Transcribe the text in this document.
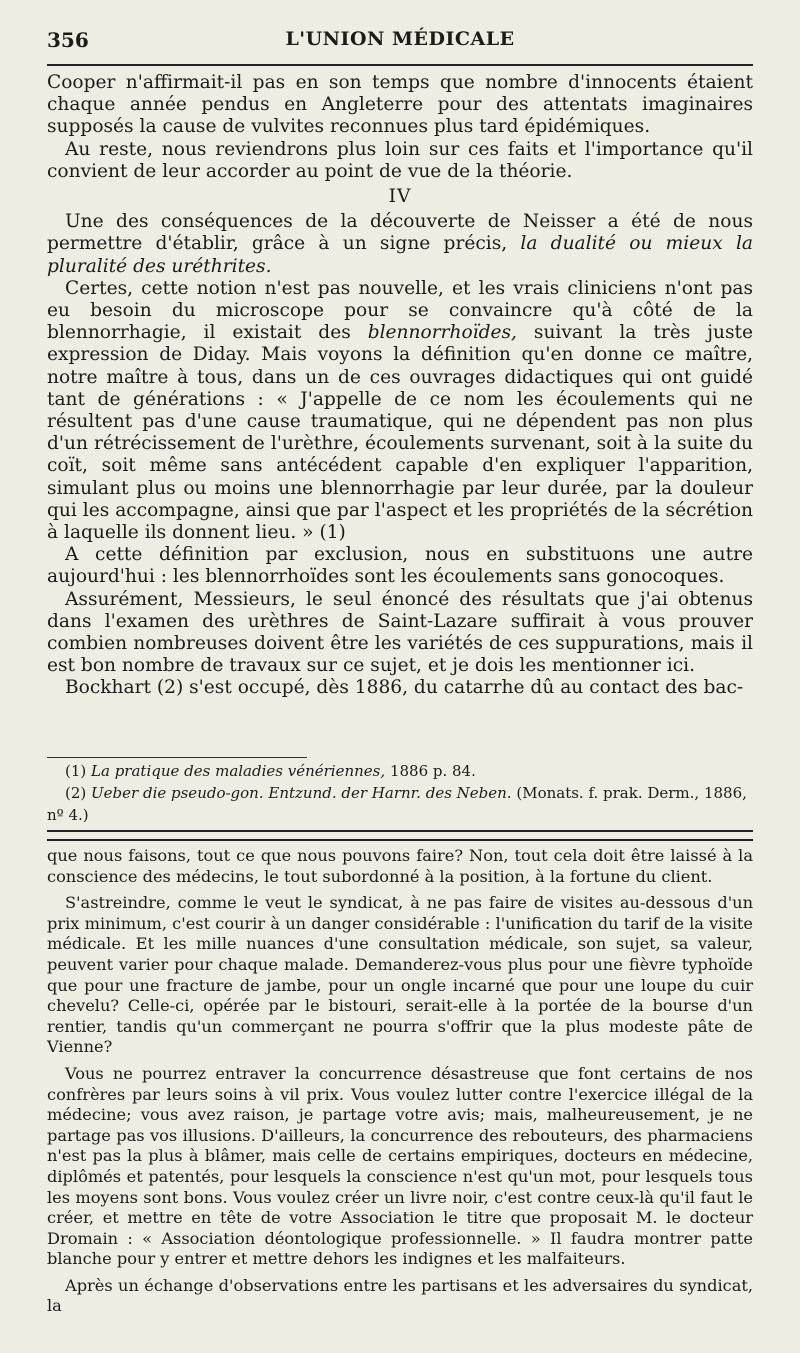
356	L'UNION MÉDICALE

Cooper n'affirmait-il pas en son temps que nombre d'innocents étaient chaque année pendus en Angleterre pour des attentats imaginaires supposés la cause de vulvites reconnues plus tard épidémiques.

Au reste, nous reviendrons plus loin sur ces faits et l'importance qu'il convient de leur accorder au point de vue de la théorie.

IV

Une des conséquences de la découverte de Neisser a été de nous permettre d'établir, grâce à un signe précis, la dualité ou mieux la pluralité des uréthrites.

Certes, cette notion n'est pas nouvelle, et les vrais cliniciens n'ont pas eu besoin du microscope pour se convaincre qu'à côté de la blennorrhagie, il existait des blennorrhoïdes, suivant la très juste expression de Diday. Mais voyons la définition qu'en donne ce maître, notre maître à tous, dans un de ces ouvrages didactiques qui ont guidé tant de générations : « J'appelle de ce nom les écoulements qui ne résultent pas d'une cause traumatique, qui ne dépendent pas non plus d'un rétrécissement de l'urèthre, écoulements survenant, soit à la suite du coït, soit même sans antécédent capable d'en expliquer l'apparition, simulant plus ou moins une blennorrhagie par leur durée, par la douleur qui les accompagne, ainsi que par l'aspect et les propriétés de la sécrétion à laquelle ils donnent lieu. » (1)

A cette définition par exclusion, nous en substituons une autre aujourd'hui : les blennorrhoïdes sont les écoulements sans gonocoques.

Assurément, Messieurs, le seul énoncé des résultats que j'ai obtenus dans l'examen des urèthres de Saint-Lazare suffirait à vous prouver combien nombreuses doivent être les variétés de ces suppurations, mais il est bon nombre de travaux sur ce sujet, et je dois les mentionner ici.

Bockhart (2) s'est occupé, dès 1886, du catarrhe dû au contact des bac-

(1) La pratique des maladies vénériennes, 1886 p. 84.

(2) Ueber die pseudo-gon. Entzund. der Harnr. des Neben. (Monats. f. prak. Derm., 1886, nº 4.)

que nous faisons, tout ce que nous pouvons faire? Non, tout cela doit être laissé à la conscience des médecins, le tout subordonné à la position, à la fortune du client.

S'astreindre, comme le veut le syndicat, à ne pas faire de visites au-dessous d'un prix minimum, c'est courir à un danger considérable : l'unification du tarif de la visite médicale. Et les mille nuances d'une consultation médicale, son sujet, sa valeur, peuvent varier pour chaque malade. Demanderez-vous plus pour une fièvre typhoïde que pour une fracture de jambe, pour un ongle incarné que pour une loupe du cuir chevelu? Celle-ci, opérée par le bistouri, serait-elle à la portée de la bourse d'un rentier, tandis qu'un commerçant ne pourra s'offrir que la plus modeste pâte de Vienne?

Vous ne pourrez entraver la concurrence désastreuse que font certains de nos confrères par leurs soins à vil prix. Vous voulez lutter contre l'exercice illégal de la médecine; vous avez raison, je partage votre avis; mais, malheureusement, je ne partage pas vos illusions. D'ailleurs, la concurrence des rebouteurs, des pharmaciens n'est pas la plus à blâmer, mais celle de certains empiriques, docteurs en médecine, diplômés et patentés, pour lesquels la conscience n'est qu'un mot, pour lesquels tous les moyens sont bons. Vous voulez créer un livre noir, c'est contre ceux-là qu'il faut le créer, et mettre en tête de votre Association le titre que proposait M. le docteur Dromain : « Association déontologique professionnelle. » Il faudra montrer patte blanche pour y entrer et mettre dehors les indignes et les malfaiteurs.

Après un échange d'observations entre les partisans et les adversaires du syndicat, la
